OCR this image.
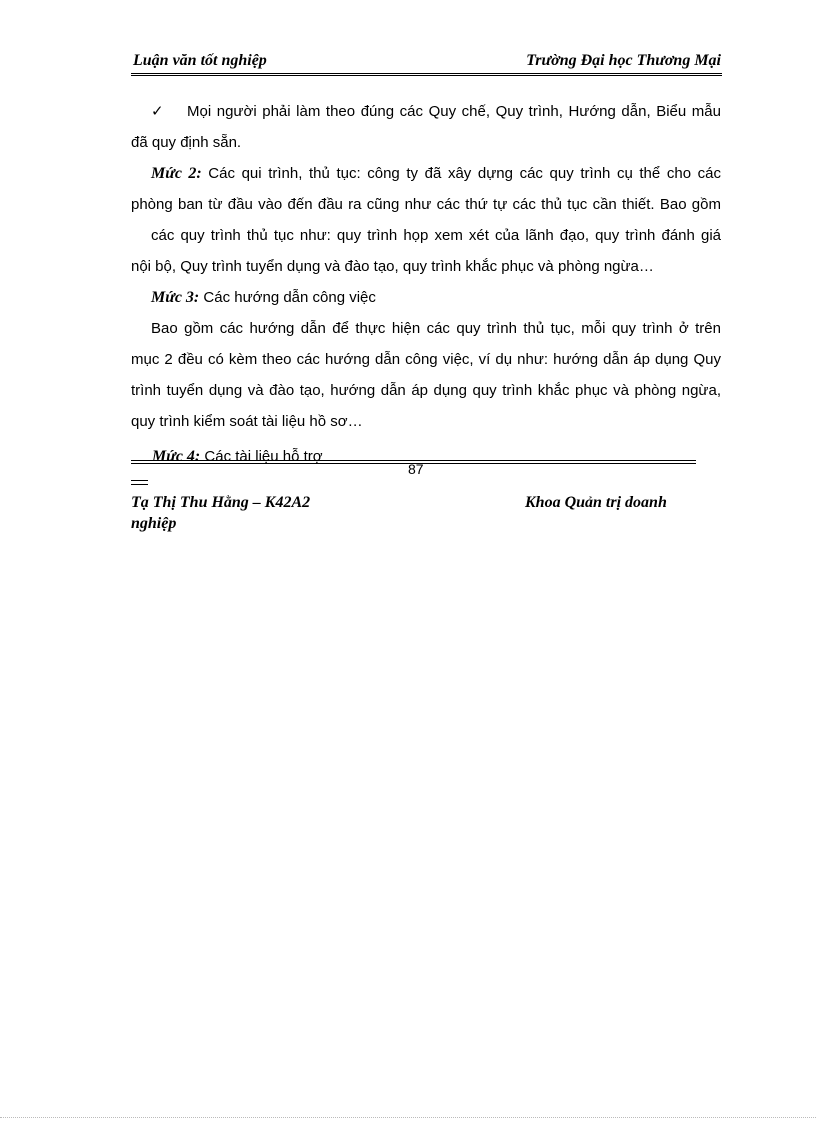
Luận văn tốt nghiệp	Trường Đại học Thương Mại

✓ Mọi người phải làm theo đúng các Quy chế, Quy trình, Hướng dẫn, Biểu mẫu đã quy định sẵn.

Mức 2: Các qui trình, thủ tục: công ty đã xây dựng các quy trình cụ thể cho các phòng ban từ đầu vào đến đầu ra cũng như các thứ tự các thủ tục cần thiết. Bao gồm

các quy trình thủ tục như: quy trình họp xem xét của lãnh đạo, quy trình đánh giá

nội bộ, Quy trình tuyển dụng và đào tạo, quy trình khắc phục và phòng ngừa…

Mức 3: Các hướng dẫn công việc

Bao gồm các hướng dẫn để thực hiện các quy trình thủ tục, mỗi quy trình ở trên

mục 2 đều có kèm theo các hướng dẫn công việc, ví dụ như: hướng dẫn áp dụng Quy trình tuyển dụng và đào tạo, hướng dẫn áp dụng quy trình khắc phục và phòng ngừa, quy trình kiểm soát tài liệu hồ sơ…

Mức 4: Các tài liệu hỗ trợ
87
Tạ Thị Thu Hằng – K42A2	Khoa Quản trị doanh
nghiệp
